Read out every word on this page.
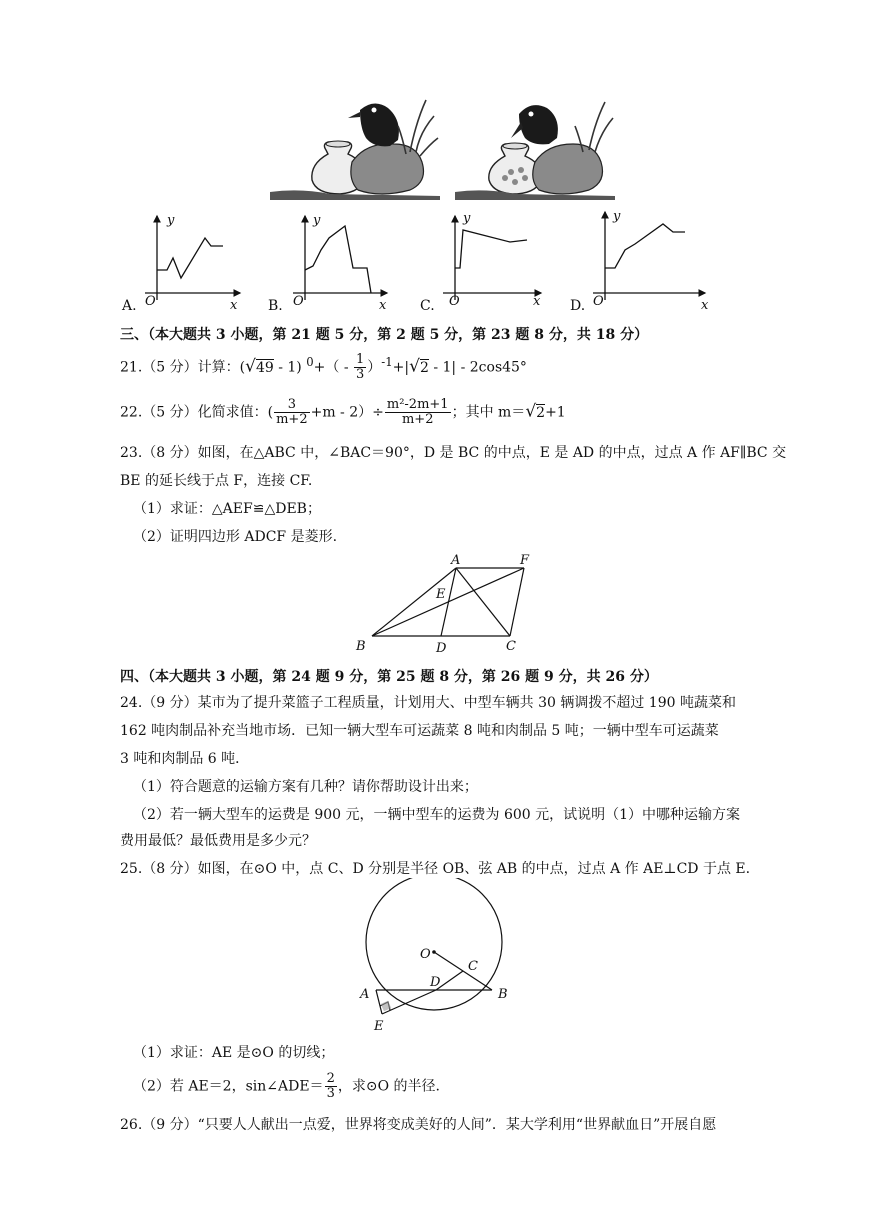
y
x
O
y
x
O
y
x
O
y
x
O
A.	B.	C.	D.
三、（本大题共 3 小题，第 21 题 5 分，第 2 题 5 分，第 23 题 8 分，共 18 分）
21.（5 分）计算：(√49 - 1) $^0+( - \frac{1}{3} )^{-1}+|√2 - 1| - 2\cos 45^\circ$
22.（5 分）化简求值：( $\frac{3}{m+2} +m - 2)\div \frac{\text{m²-2m+1}}{m+2}$ ；其中 m＝√2+1
23.（8 分）如图，在△ABC 中，∠BAC＝90°，D 是 BC 的中点，E 是 AD 的中点，过点 A 作 AF∥BC 交
BE 的延长线于点 F，连接 CF.
（1）求证：△AEF≌△DEB；
（2）证明四边形 ADCF 是菱形.
A	F
E
B	D	C
四、（本大题共 3 小题，第 24 题 9 分，第 25 题 8 分，第 26 题 9 分，共 26 分）
24.（9 分）某市为了提升菜篮子工程质量，计划用大、中型车辆共 30 辆调拨不超过 190 吨蔬菜和
162 吨肉制品补充当地市场．已知一辆大型车可运蔬菜 8 吨和肉制品 5 吨；一辆中型车可运蔬菜
3 吨和肉制品 6 吨．
（1）符合题意的运输方案有几种？请你帮助设计出来；
（2）若一辆大型车的运费是 900 元，一辆中型车的运费为 600 元，试说明（1）中哪种运输方案
费用最低？最低费用是多少元？
25.（8 分）如图，在⊙O 中，点 C、D 分别是半径 OB、弦 AB 的中点，过点 A 作 AE⊥CD 于点 E.
O
C
A
D
B
E
（1）求证：AE 是⊙O 的切线；
（2）若 AE＝2，sin∠ADE＝ $\frac{2}{3}$ ，求⊙O 的半径.
26.（9 分）“只要人人献出一点爱，世界将变成美好的人间”．某大学利用“世界献血日”开展自愿
